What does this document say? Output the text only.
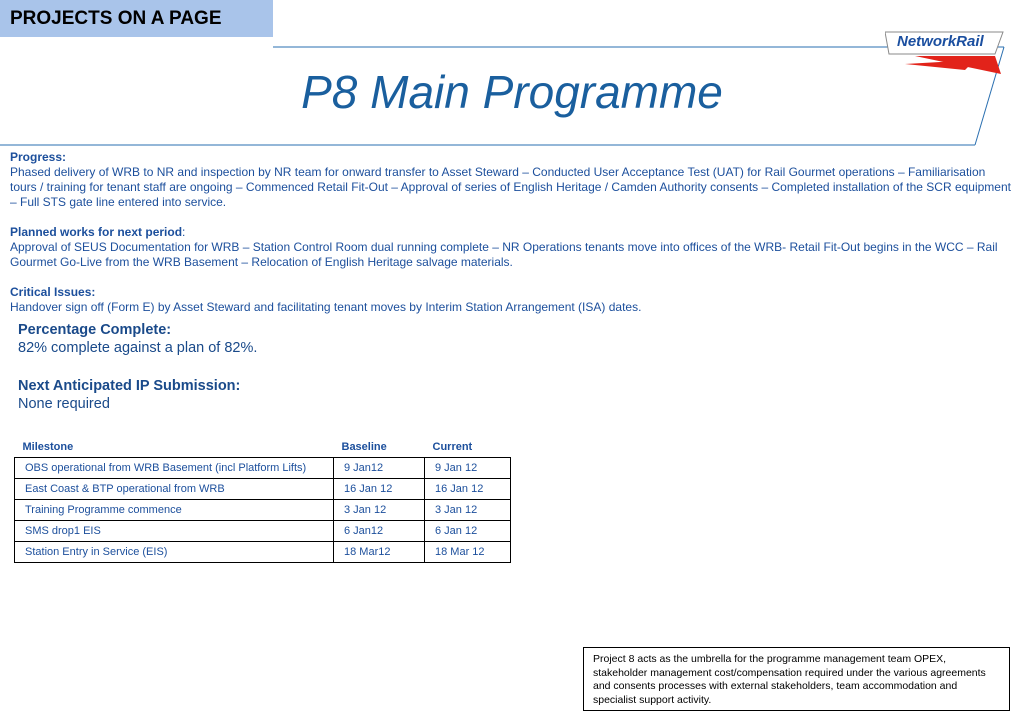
PROJECTS ON A PAGE
NetworkRail
P8 Main Programme

Progress:

Phased delivery of WRB to NR and inspection by NR team for onward transfer to Asset Steward – Conducted User Acceptance Test (UAT) for Rail Gourmet operations – Familiarisation tours / training for tenant staff are ongoing – Commenced Retail Fit-Out – Approval of series of English Heritage / Camden Authority consents – Completed installation of the SCR equipment – Full STS gate line entered into service.

Planned works for next period:

Approval of SEUS Documentation for WRB – Station Control Room dual running complete – NR Operations tenants move into offices of the WRB- Retail Fit-Out begins in the WCC – Rail Gourmet Go-Live from the WRB Basement – Relocation of English Heritage salvage materials.

Critical Issues:

Handover sign off (Form E) by Asset Steward and facilitating tenant moves by Interim Station Arrangement (ISA) dates.

Percentage Complete:
82% complete against a plan of 82%.
Next Anticipated IP Submission:
None required
Milestone	Baseline	Current
OBS operational from WRB Basement (incl Platform Lifts)	9 Jan12	9 Jan 12
East Coast & BTP operational from WRB	16 Jan 12	16 Jan 12
Training Programme commence	3 Jan 12	3 Jan 12
SMS drop1 EIS	6 Jan12	6 Jan 12
Station Entry in Service (EIS)	18 Mar12	18 Mar 12
Project 8 acts as the umbrella for the programme management team OPEX, stakeholder management cost/compensation required under the various agreements and consents processes with external stakeholders, team accommodation and specialist support activity.
